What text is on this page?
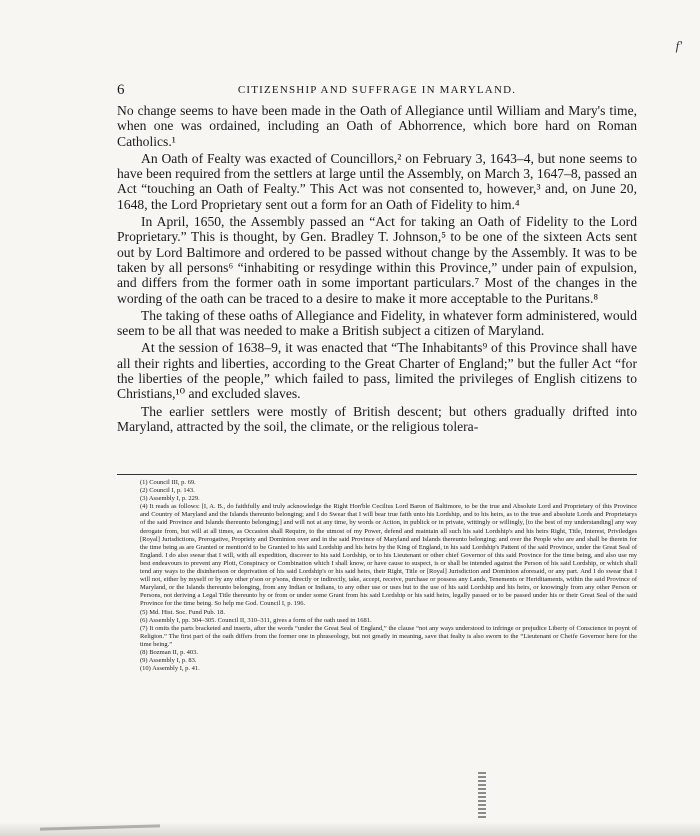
f'
6	CITIZENSHIP AND SUFFRAGE IN MARYLAND.

No change seems to have been made in the Oath of Allegiance until William and Mary's time, when one was ordained, including an Oath of Abhorrence, which bore hard on Roman Catholics.¹

An Oath of Fealty was exacted of Councillors,² on February 3, 1643–4, but none seems to have been required from the settlers at large until the Assembly, on March 3, 1647–8, passed an Act “touching an Oath of Fealty.” This Act was not consented to, however,³ and, on June 20, 1648, the Lord Proprietary sent out a form for an Oath of Fidelity to him.⁴

In April, 1650, the Assembly passed an “Act for taking an Oath of Fidelity to the Lord Proprietary.” This is thought, by Gen. Bradley T. Johnson,⁵ to be one of the sixteen Acts sent out by Lord Baltimore and ordered to be passed without change by the Assembly. It was to be taken by all persons⁶ “inhabiting or resydinge within this Province,” under pain of expulsion, and differs from the former oath in some important particulars.⁷ Most of the changes in the wording of the oath can be traced to a desire to make it more acceptable to the Puritans.⁸

The taking of these oaths of Allegiance and Fidelity, in whatever form administered, would seem to be all that was needed to make a British subject a citizen of Maryland.

At the session of 1638–9, it was enacted that “The Inhabitants⁹ of this Province shall have all their rights and liberties, according to the Great Charter of England;” but the fuller Act “for the liberties of the people,” which failed to pass, limited the privileges of English citizens to Christians,¹⁰ and excluded slaves.

The earlier settlers were mostly of British descent; but others gradually drifted into Maryland, attracted by the soil, the climate, or the religious tolera-

(1) Council III, p. 69.

(2) Council I, p. 143.

(3) Assembly I, p. 229.

(4) It reads as follows: [I, A. B., do faithfully and truly acknowledge the Right Hon'ble Cecilius Lord Baron of Baltimore, to be the true and Absolute Lord and Proprietary of this Province and Country of Maryland and the Islands thereunto belonging; and I do Swear that I will bear true faith unto his Lordship, and to his heirs, as to the true and absolute Lords and Proprietarys of the said Province and Islands thereunto belonging;] and will not at any time, by words or Action, in publick or in private, wittingly or willingly, [to the best of my understanding] any way derogate from, but will at all times, as Occasion shall Require, to the utmost of my Power, defend and maintain all such his said Lordship's and his heirs Right, Title, Interest, Priviledges [Royal] Jurisdictions, Prerogative, Propriety and Dominion over and in the said Province of Maryland and Islands thereunto belonging; and over the People who are and shall be therein for the time being as are Granted or mention'd to be Granted to his said Lordship and his heirs by the King of England, in his said Lordship's Pattent of the said Province, under the Great Seal of England. I do also swear that I will, with all expedition, discover to his said Lordship, or to his Lieutenant or other chief Governor of this said Province for the time being, and also use my best endeavours to prevent any Plott, Conspiracy or Combination which I shall know, or have cause to suspect, is or shall be intended against the Person of his said Lordship, or which shall tend any ways to the disinherison or deprivation of his said Lordship's or his said heirs, their Right, Title or [Royal] Jurisdiction and Dominion aforesaid, or any part. And I do swear that I will not, either by myself or by any other p'son or p'sons, directly or indirectly, take, accept, receive, purchase or possess any Lands, Tenements or Heriditaments, within the said Province of Maryland, or the Islands thereunto belonging, from any Indian or Indians, to any other use or uses but to the use of his said Lordship and his heirs, or knowingly from any other Person or Persons, not deriving a Legal Title thereunto by or from or under some Grant from his said Lordship or his said heirs, legally passed or to be passed under his or their Great Seal of the said Province for the time being. So help me God. Council I, p. 196.

(5) Md. Hist. Soc. Fund Pub. 18.

(6) Assembly I, pp. 304–305. Council II, 310–311, gives a form of the oath used in 1681.

(7) It omits the parts bracketed and inserts, after the words “under the Great Seal of England,” the clause “not any ways understood to infringe or prejudice Liberty of Conscience in poynt of Religion.” The first part of the oath differs from the former one in phraseology, but not greatly in meaning, save that fealty is also sworn to the “Lieutenant or Cheife Governor here for the time being.”

(8) Bozman II, p. 403.

(9) Assembly I, p. 83.

(10) Assembly I, p. 41.
